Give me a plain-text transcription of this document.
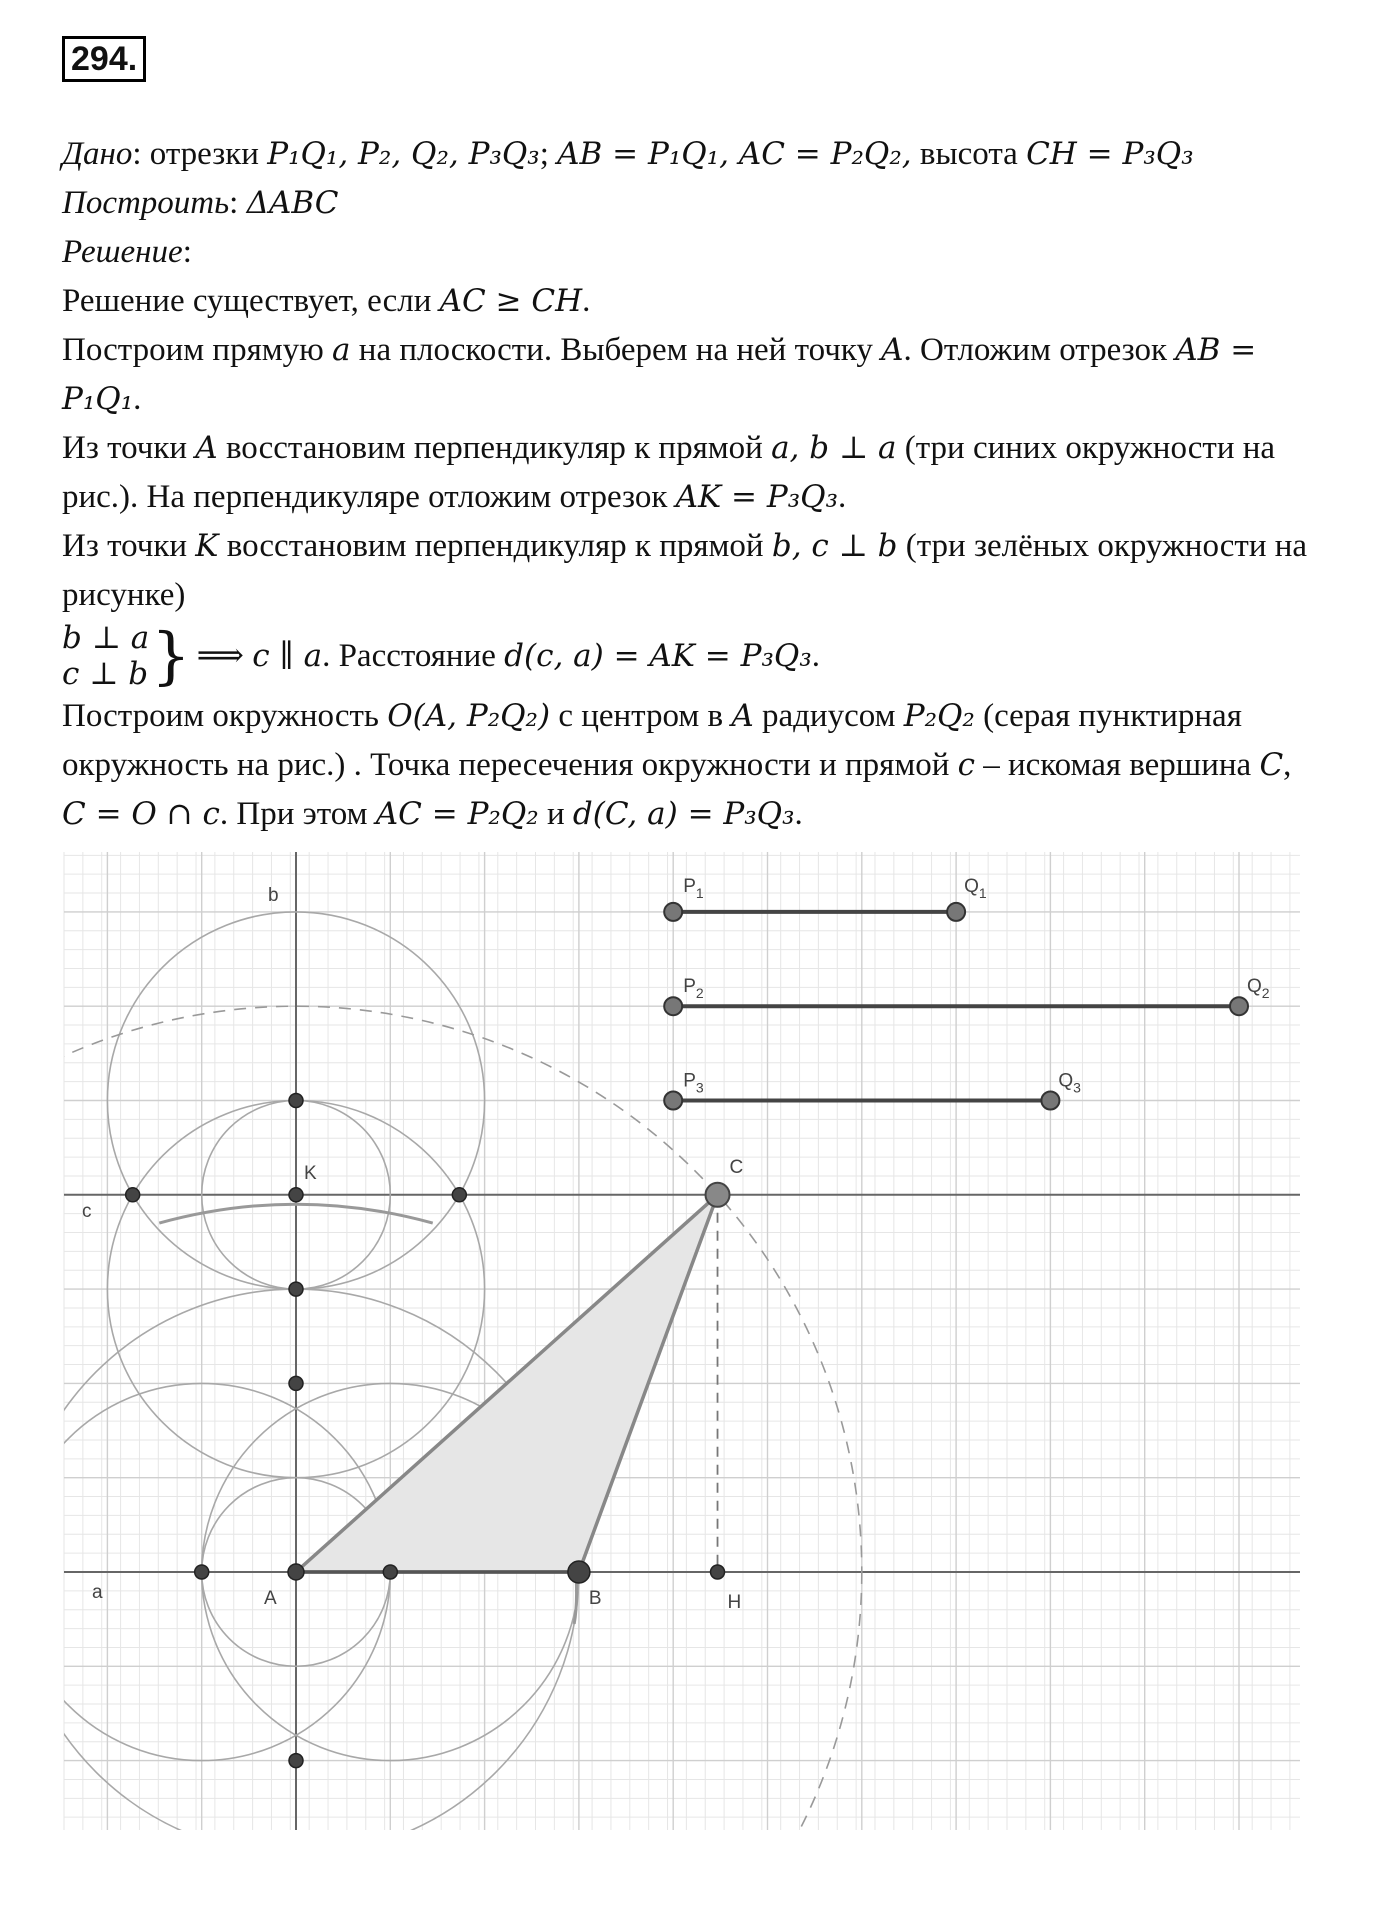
294.
Дано: отрезки P₁Q₁, P₂, Q₂, P₃Q₃; AB = P₁Q₁, AC = P₂Q₂, высота CH = P₃Q₃
Построить: ΔABC
Решение:
Решение существует, если AC ≥ CH.
Построим прямую a на плоскости. Выберем на ней точку A. Отложим отрезок AB =
P₁Q₁.
Из точки A восстановим перпендикуляр к прямой a, b ⊥ a (три синих окружности на
рис.). На перпендикуляре отложим отрезок AK = P₃Q₃.
Из точки K восстановим перпендикуляр к прямой b, c ⊥ b (три зелёных окружности на
рисунке)
b ⊥ a
c ⊥ b } ⟹ c ∥ a. Расстояние d(c, a) = AK = P₃Q₃.
Построим окружность O(A, P₂Q₂) с центром в A радиусом P₂Q₂ (серая пунктирная
окружность на рис.) . Точка пересечения окружности и прямой c – искомая вершина C,
C = O ∩ c. При этом AC = P₂Q₂ и d(C, a) = P₃Q₃.
$P_1$	$Q_1$
$P_2$	$Q_2$
$P_3$	$Q_3$
A	B	H
C
K
a
c
b
